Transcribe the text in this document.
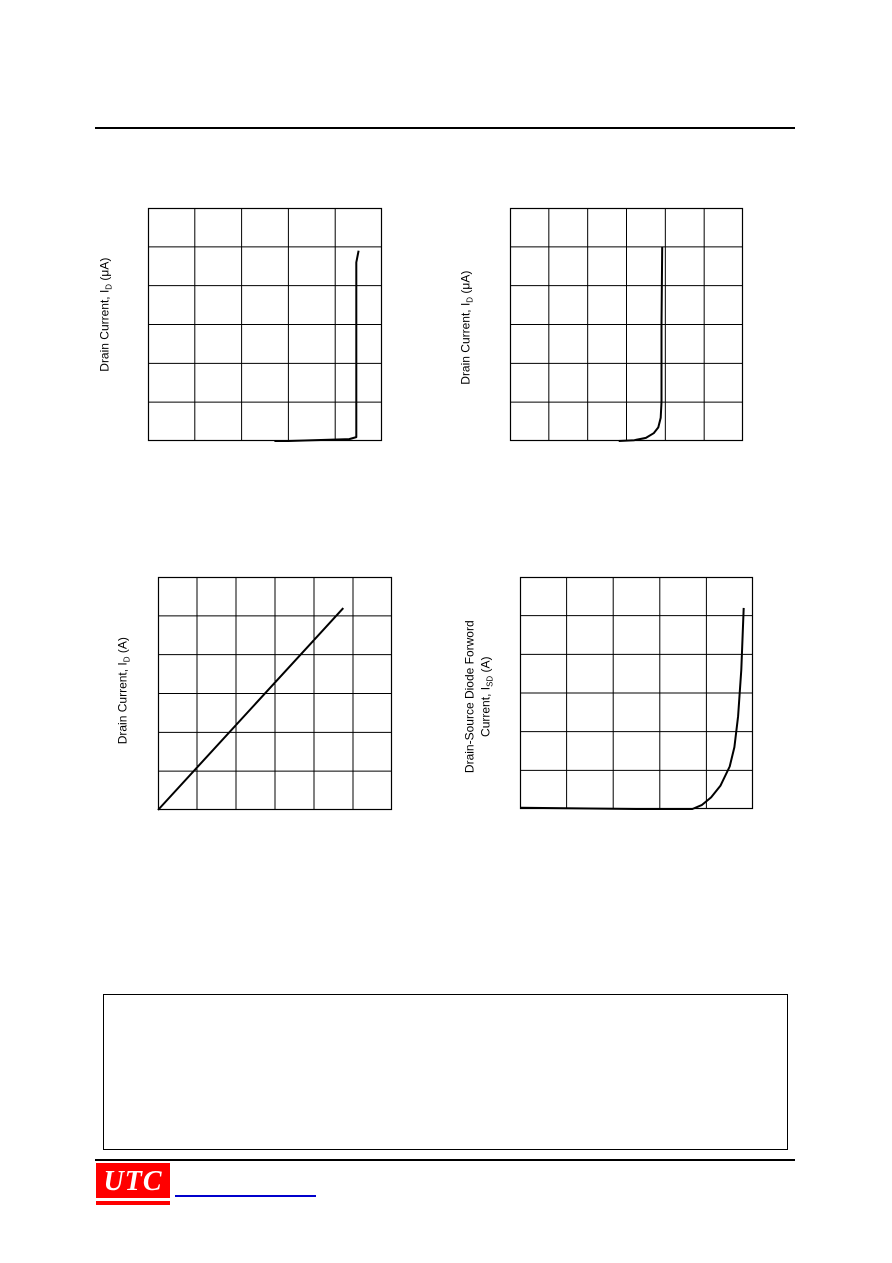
Drain Current, $I_D$ (μA)
Drain Current, $I_D$ (μA)
Drain Current, $I_D$ (A)	Drain-Source Diode Forword Current, $I_{SD}$ (A)
UTC
